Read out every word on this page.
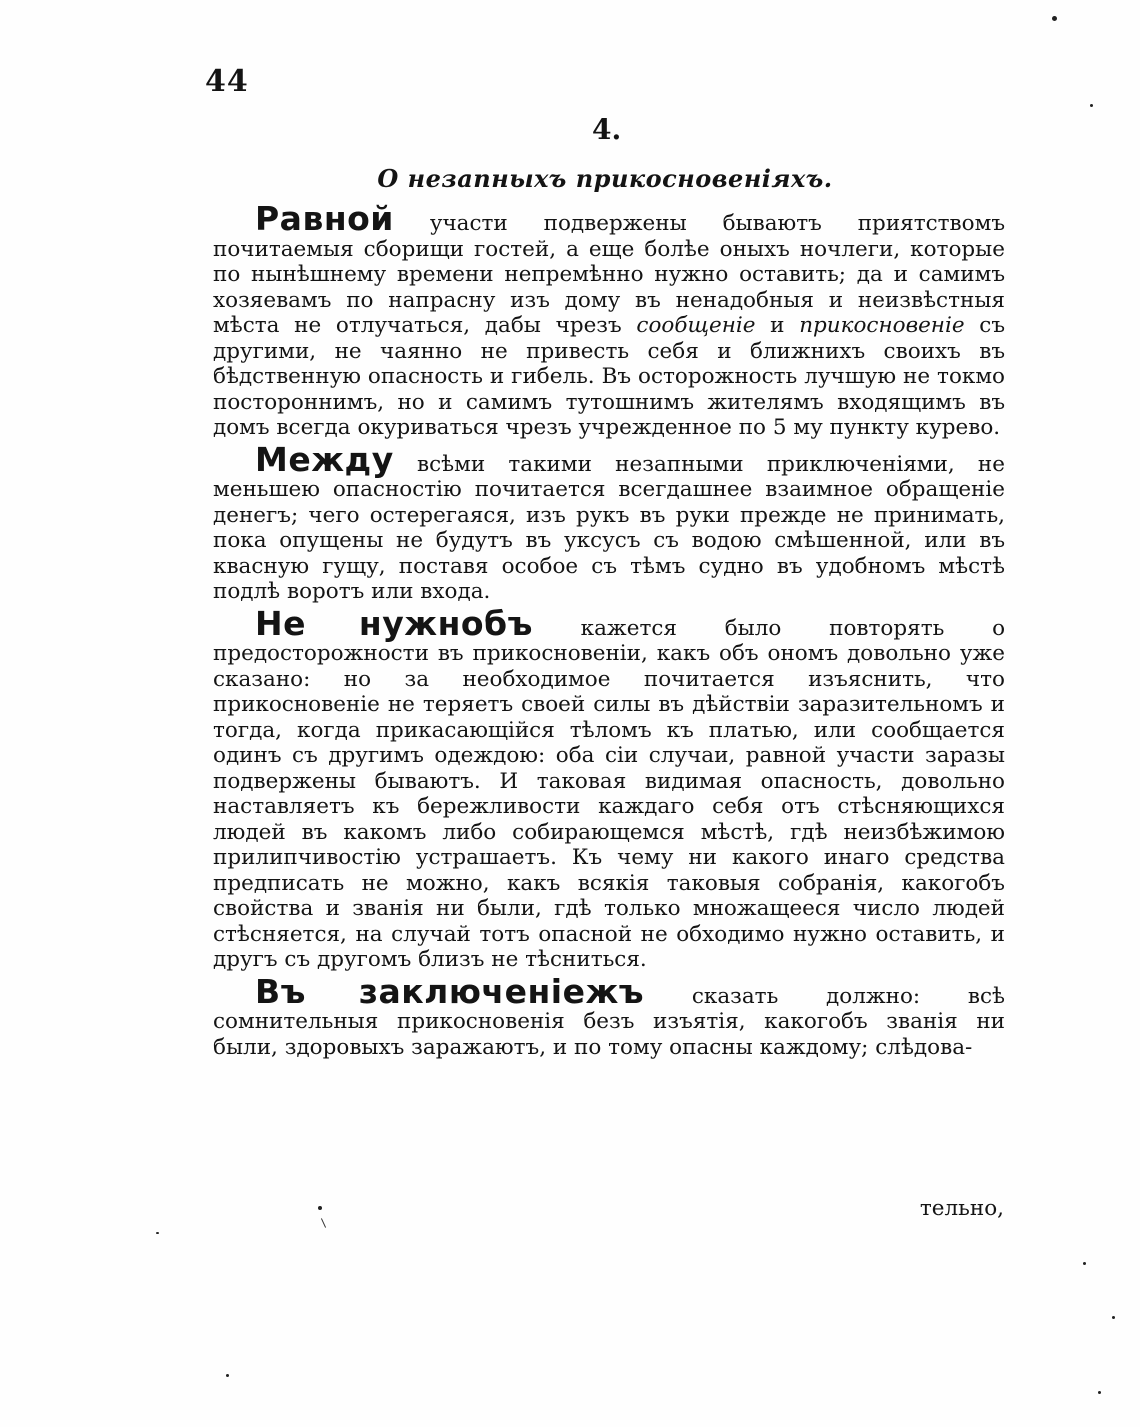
44

4.

О незапныхъ прикосновеніяхъ.

Равной участи подвержены бываютъ приятствомъ почитаемыя сборищи гостей, а еще болѣе оныхъ ночлеги, которые по нынѣшнему времени непремѣнно нужно оставить; да и самимъ хозяевамъ по напрасну изъ дому въ ненадобныя и неизвѣстныя мѣста не отлучаться, дабы чрезъ сообщеніе и прикосновеніе съ другими, не чаянно не привесть себя и ближнихъ своихъ въ бѣдственную опасность и гибель. Въ осторожность лучшую не токмо постороннимъ, но и самимъ тутошнимъ жителямъ входящимъ въ домъ всегда окуриваться чрезъ учрежденное по 5 му пункту курево.

Между всѣми такими незапными приключеніями, не меньшею опасностію почитается всегдашнее взаимное обращеніе денегъ; чего остерегаяся, изъ рукъ въ руки прежде не принимать, пока опущены не будутъ въ уксусъ съ водою смѣшенной, или въ квасную гущу, поставя особое съ тѣмъ судно въ удобномъ мѣстѣ подлѣ воротъ или входа.

Не нужнобъ кажется было повторять о предосторожности въ прикосновеніи, какъ объ ономъ довольно уже сказано: но за необходимое почитается изъяснить, что прикосновеніе не теряетъ своей силы въ дѣйствіи заразительномъ и тогда, когда прикасающійся тѣломъ къ платью, или сообщается одинъ съ другимъ одеждою: оба сіи случаи, равной участи заразы подвержены бываютъ. И таковая видимая опасность, довольно наставляетъ къ бережливости каждаго себя отъ стѣсняющихся людей въ какомъ либо собирающемся мѣстѣ, гдѣ неизбѣжимою прилипчивостію устрашаетъ. Къ чему ни какого инаго средства предписать не можно, какъ всякія таковыя собранія, какогобъ свойства и званія ни были, гдѣ только множащееся число людей стѣсняется, на случай тотъ опасной не обходимо нужно оставить, и другъ съ другомъ близъ не тѣсниться.

Въ заключеніежъ сказать должно: всѣ сомнительныя прикосновенія безъ изъятія, какогобъ званія ни были, здоровыхъ заражаютъ, и по тому опасны каждому; слѣдова-

тельно,
